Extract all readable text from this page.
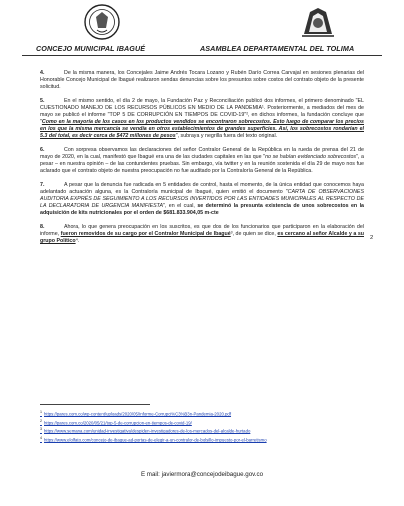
CONCEJO MUNICIPAL IBAGUÉ	ASAMBLEA DEPARTAMENTAL DEL TOLIMA
2

4.	De la misma manera, los Concejales Jaime Andrés Tocara Lozano y Rubén Darío Correa Carvajal en sesiones plenarias del Honorable Concejo Municipal de Ibagué realizaron sendas denuncias sobre los presuntos sobre costos del contrato objeto de la presente solicitud.

5.	En el mismo sentido, el día 2 de mayo, la Fundación Paz y Reconciliación publicó dos informes, el primero denominado "EL CUESTIONADO MANEJO DE LOS RECURSOS PÚBLICOS EN MEDIO DE LA PANDEMIA¹. Posteriormente, a mediados del mes de mayo se publicó el informe "TOP 5 DE CORRUPCIÓN EN TIEMPOS DE COVID-19"², en dichos informes, la fundación concluye que "Como en la mayoría de los casos en los productos vendidos se encontraron sobrecostos. Esto luego de comparar los precios en los que la misma mercancía se vendía en otros establecimientos de grandes superficies. Así, los sobrecostos rondarían el 5.3 del total, es decir cerca de $472 millones de pesos", subraya y negrilla fuera del texto original.

6.	Con sorpresa observamos las declaraciones del señor Contralor General de la República en la rueda de prensa del 21 de mayo de 2020, en la cual, manifestó que Ibagué era una de las ciudades capitales en las que "no se habían evidenciado sobrecostos", a pesar – en nuestra opinión – de las contundentes pruebas. Sin embargo, vía twitter y en la reunión sostenida el día 29 de mayo nos fue aclarado que el contrato objeto de nuestra preocupación no fue auditado por la Contraloría General de la República.

7.	A pesar que la denuncia fue radicada en 5 entidades de control, hasta el momento, de la única entidad que conocemos haya adelantado actuación alguna, es la Contraloría municipal de Ibagué, quien emitió el documento "CARTA DE OBSERVACIONES AUDITORIA EXPRÉS DE SEGUIMIENTO A LOS RECURSOS INVERTIDOS POR LAS ENTIDADES MUNICIPALES AL RESPECTO DE LA DECLARATORIA DE URGENCIA MANIFIESTA", en el cual, se determinó la presunta existencia de unos sobrecostos en la adquisición de kits nutricionales por el orden de $681.833.904,05 m-cte

8.	Ahora, lo que genera preocupación en los suscritos, es que dos de los funcionarios que participaron en la elaboración del informe, fueron removidos de su cargo por el Contralor Municipal de Ibagué³, de quien se dice, es cercano al señor Alcalde y a su grupo Político⁴.

$^1$ https://pares.com.co/wp-content/uploads/2020/05/Informe-Corrupci%C3%B3n-Pandemia-2020.pdf
$^2$ https://pares.com.co/2020/05/21/top-5-de-corrupcion-en-tiempos-de-covid-19/
$^3$ https://www.semana.com/unidad-investigativa/despiden-investigadores-de-los-mercados-del-alcalde-hurtado
$^4$ https://www.elolfato.com/concejo-de-ibague-ad-portas-de-elegir-a-un-contralor-de-bolsillo-impuesto-por-el-barretismo
E mail: javiermora@concejodeibague.gov.co
